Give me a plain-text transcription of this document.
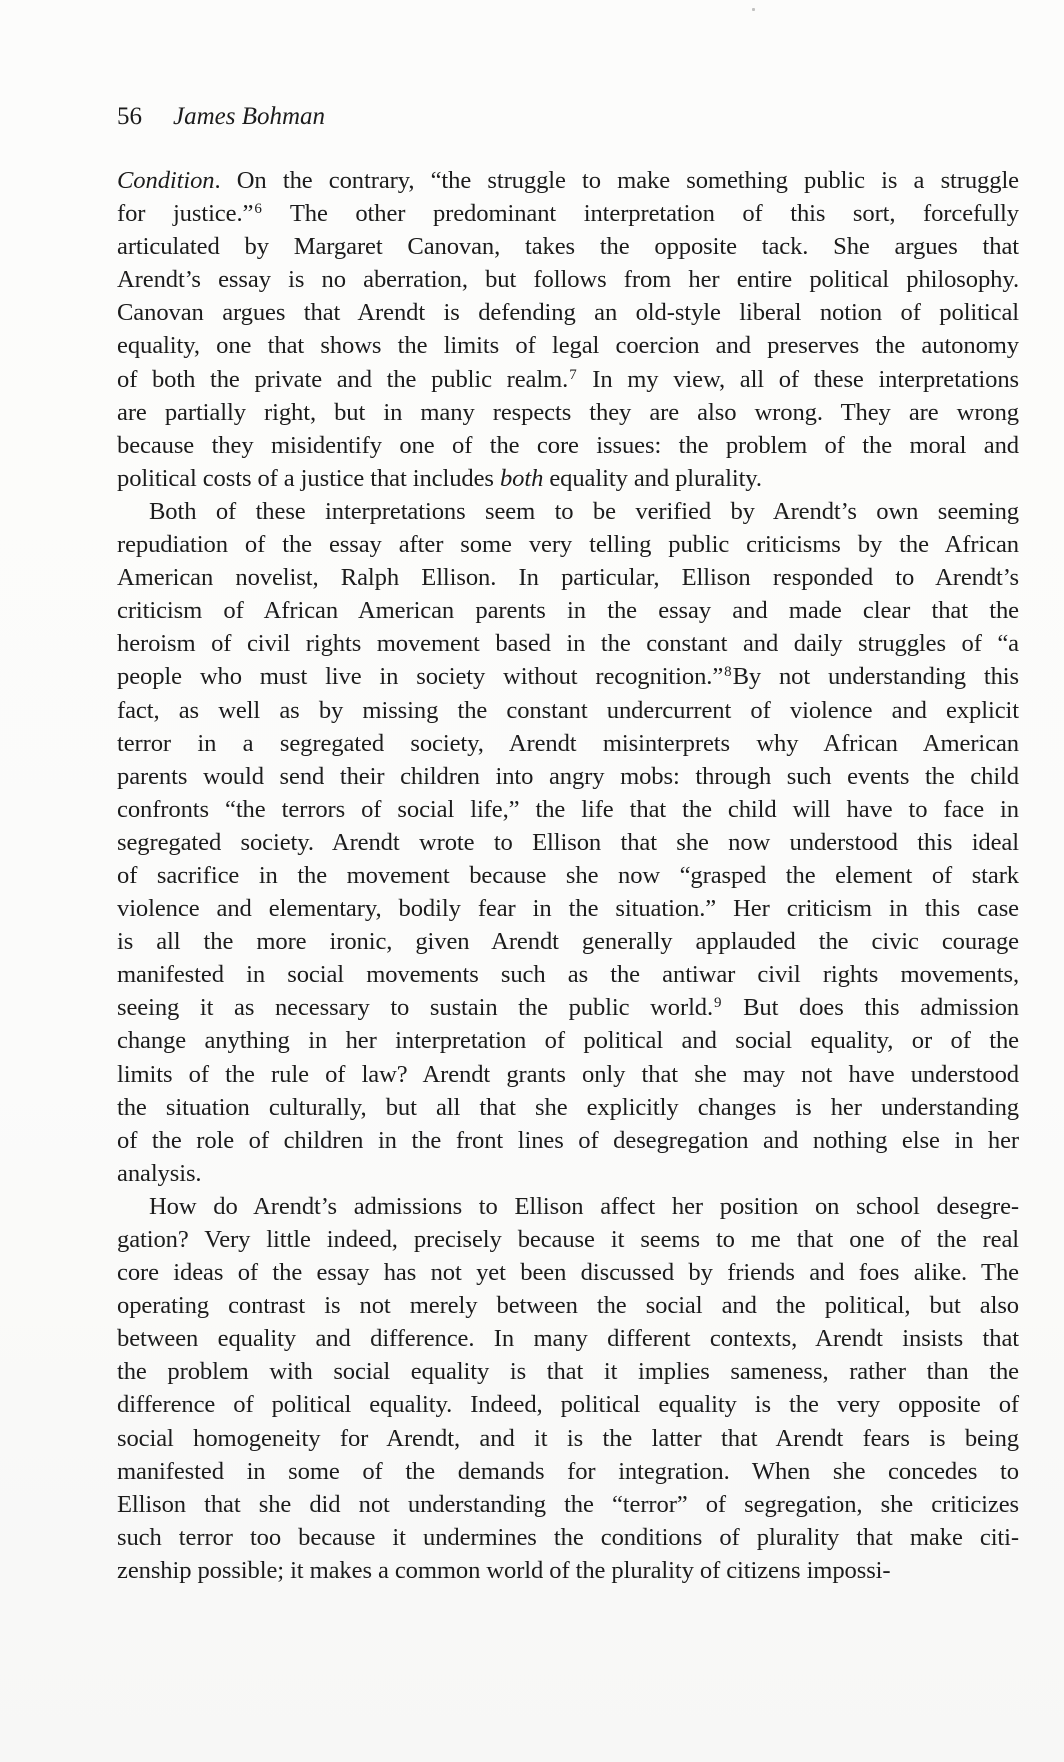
56 James Bohman
Condition. On the contrary, “the struggle to make something public is a struggle
for justice.”$^6$ The other predominant interpretation of this sort, forcefully
articulated by Margaret Canovan, takes the opposite tack. She argues that
Arendt’s essay is no aberration, but follows from her entire political philosophy.
Canovan argues that Arendt is defending an old-style liberal notion of political
equality, one that shows the limits of legal coercion and preserves the autonomy
of both the private and the public realm.$^7$ In my view, all of these interpretations
are partially right, but in many respects they are also wrong. They are wrong
because they misidentify one of the core issues: the problem of the moral and
political costs of a justice that includes both equality and plurality.
Both of these interpretations seem to be verified by Arendt’s own seeming
repudiation of the essay after some very telling public criticisms by the African
American novelist, Ralph Ellison. In particular, Ellison responded to Arendt’s
criticism of African American parents in the essay and made clear that the
heroism of civil rights movement based in the constant and daily struggles of “a
people who must live in society without recognition.”$^8$By not understanding this
fact, as well as by missing the constant undercurrent of violence and explicit
terror in a segregated society, Arendt misinterprets why African American
parents would send their children into angry mobs: through such events the child
confronts “the terrors of social life,” the life that the child will have to face in
segregated society. Arendt wrote to Ellison that she now understood this ideal
of sacrifice in the movement because she now “grasped the element of stark
violence and elementary, bodily fear in the situation.” Her criticism in this case
is all the more ironic, given Arendt generally applauded the civic courage
manifested in social movements such as the antiwar civil rights movements,
seeing it as necessary to sustain the public world.$^9$ But does this admission
change anything in her interpretation of political and social equality, or of the
limits of the rule of law? Arendt grants only that she may not have understood
the situation culturally, but all that she explicitly changes is her understanding
of the role of children in the front lines of desegregation and nothing else in her
analysis.
How do Arendt’s admissions to Ellison affect her position on school desegre-
gation? Very little indeed, precisely because it seems to me that one of the real
core ideas of the essay has not yet been discussed by friends and foes alike. The
operating contrast is not merely between the social and the political, but also
between equality and difference. In many different contexts, Arendt insists that
the problem with social equality is that it implies sameness, rather than the
difference of political equality. Indeed, political equality is the very opposite of
social homogeneity for Arendt, and it is the latter that Arendt fears is being
manifested in some of the demands for integration. When she concedes to
Ellison that she did not understanding the “terror” of segregation, she criticizes
such terror too because it undermines the conditions of plurality that make citi-
zenship possible; it makes a common world of the plurality of citizens impossi-
